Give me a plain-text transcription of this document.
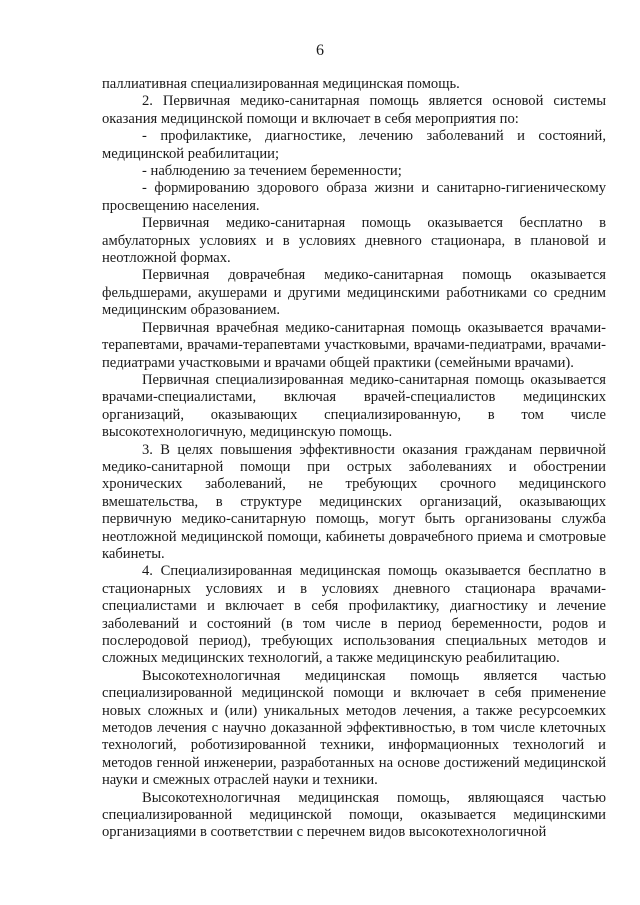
6

паллиативная специализированная медицинская помощь.

2. Первичная медико-санитарная помощь является основой системы оказания медицинской помощи и включает в себя мероприятия по:

- профилактике, диагностике, лечению заболеваний и состояний, медицинской реабилитации;

- наблюдению за течением беременности;

- формированию здорового образа жизни и санитарно-гигиеническому просвещению населения.

Первичная медико-санитарная помощь оказывается бесплатно в амбулаторных условиях и в условиях дневного стационара, в плановой и неотложной формах.

Первичная доврачебная медико-санитарная помощь оказывается фельдшерами, акушерами и другими медицинскими работниками со средним медицинским образованием.

Первичная врачебная медико-санитарная помощь оказывается врачами-терапевтами, врачами-терапевтами участковыми, врачами-педиатрами, врачами-педиатрами участковыми и врачами общей практики (семейными врачами).

Первичная специализированная медико-санитарная помощь оказывается врачами-специалистами, включая врачей-специалистов медицинских организаций, оказывающих специализированную, в том числе высокотехнологичную, медицинскую помощь.

3. В целях повышения эффективности оказания гражданам первичной медико-санитарной помощи при острых заболеваниях и обострении хронических заболеваний, не требующих срочного медицинского вмешательства, в структуре медицинских организаций, оказывающих первичную медико-санитарную помощь, могут быть организованы служба неотложной медицинской помощи, кабинеты доврачебного приема и смотровые кабинеты.

4. Специализированная медицинская помощь оказывается бесплатно в стационарных условиях и в условиях дневного стационара врачами-специалистами и включает в себя профилактику, диагностику и лечение заболеваний и состояний (в том числе в период беременности, родов и послеродовой период), требующих использования специальных методов и сложных медицинских технологий, а также медицинскую реабилитацию.

Высокотехнологичная медицинская помощь является частью специализированной медицинской помощи и включает в себя применение новых сложных и (или) уникальных методов лечения, а также ресурсоемких методов лечения с научно доказанной эффективностью, в том числе клеточных технологий, роботизированной техники, информационных технологий и методов генной инженерии, разработанных на основе достижений медицинской науки и смежных отраслей науки и техники.

Высокотехнологичная медицинская помощь, являющаяся частью специализированной медицинской помощи, оказывается медицинскими организациями в соответствии с перечнем видов высокотехнологичной
